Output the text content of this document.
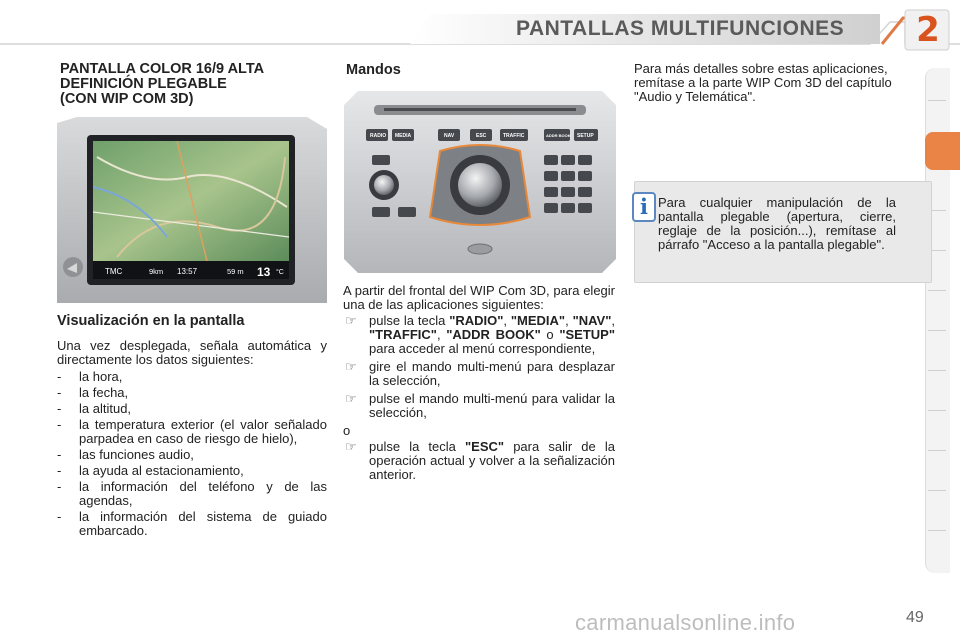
PANTALLAS MULTIFUNCIONES 2
PANTALLA COLOR 16/9 ALTA
DEFINICIÓN PLEGABLE
(CON WIP COM 3D)
TMC	9km 13:57	59 m 13 °C
Visualización en la pantalla
Una vez desplegada, señala automática y directamente los datos siguientes:
- la hora,
- la fecha,
- la altitud,
- la temperatura exterior (el valor señalado parpadea en caso de riesgo de hielo),
- las funciones audio,
- la ayuda al estacionamiento,
- la información del teléfono y de las agendas,
- la información del sistema de guiado embarcado.
Mandos
RADIO MEDIA	NAV	ESC	TRAFFIC	ADDR BOOK SETUP

A partir del frontal del WIP Com 3D, para elegir una de las aplicaciones siguientes:

☞ pulse la tecla "RADIO", "MEDIA", "NAV", "TRAFFIC", "ADDR BOOK" o "SETUP" para acceder al menú correspondiente,
☞ gire el mando multi-menú para desplazar la selección,
☞ pulse el mando multi-menú para validar la selección,

o

☞ pulse la tecla "ESC" para salir de la operación actual y volver a la señalización anterior.
Para más detalles sobre estas aplicaciones, remítase a la parte WIP Com 3D del capítulo "Audio y Telemática".
i Para cualquier manipulación de la pantalla plegable (apertura, cierre, reglaje de la posición...), remítase al párrafo "Acceso a la pantalla plegable".
carmanualsonline.info	49
